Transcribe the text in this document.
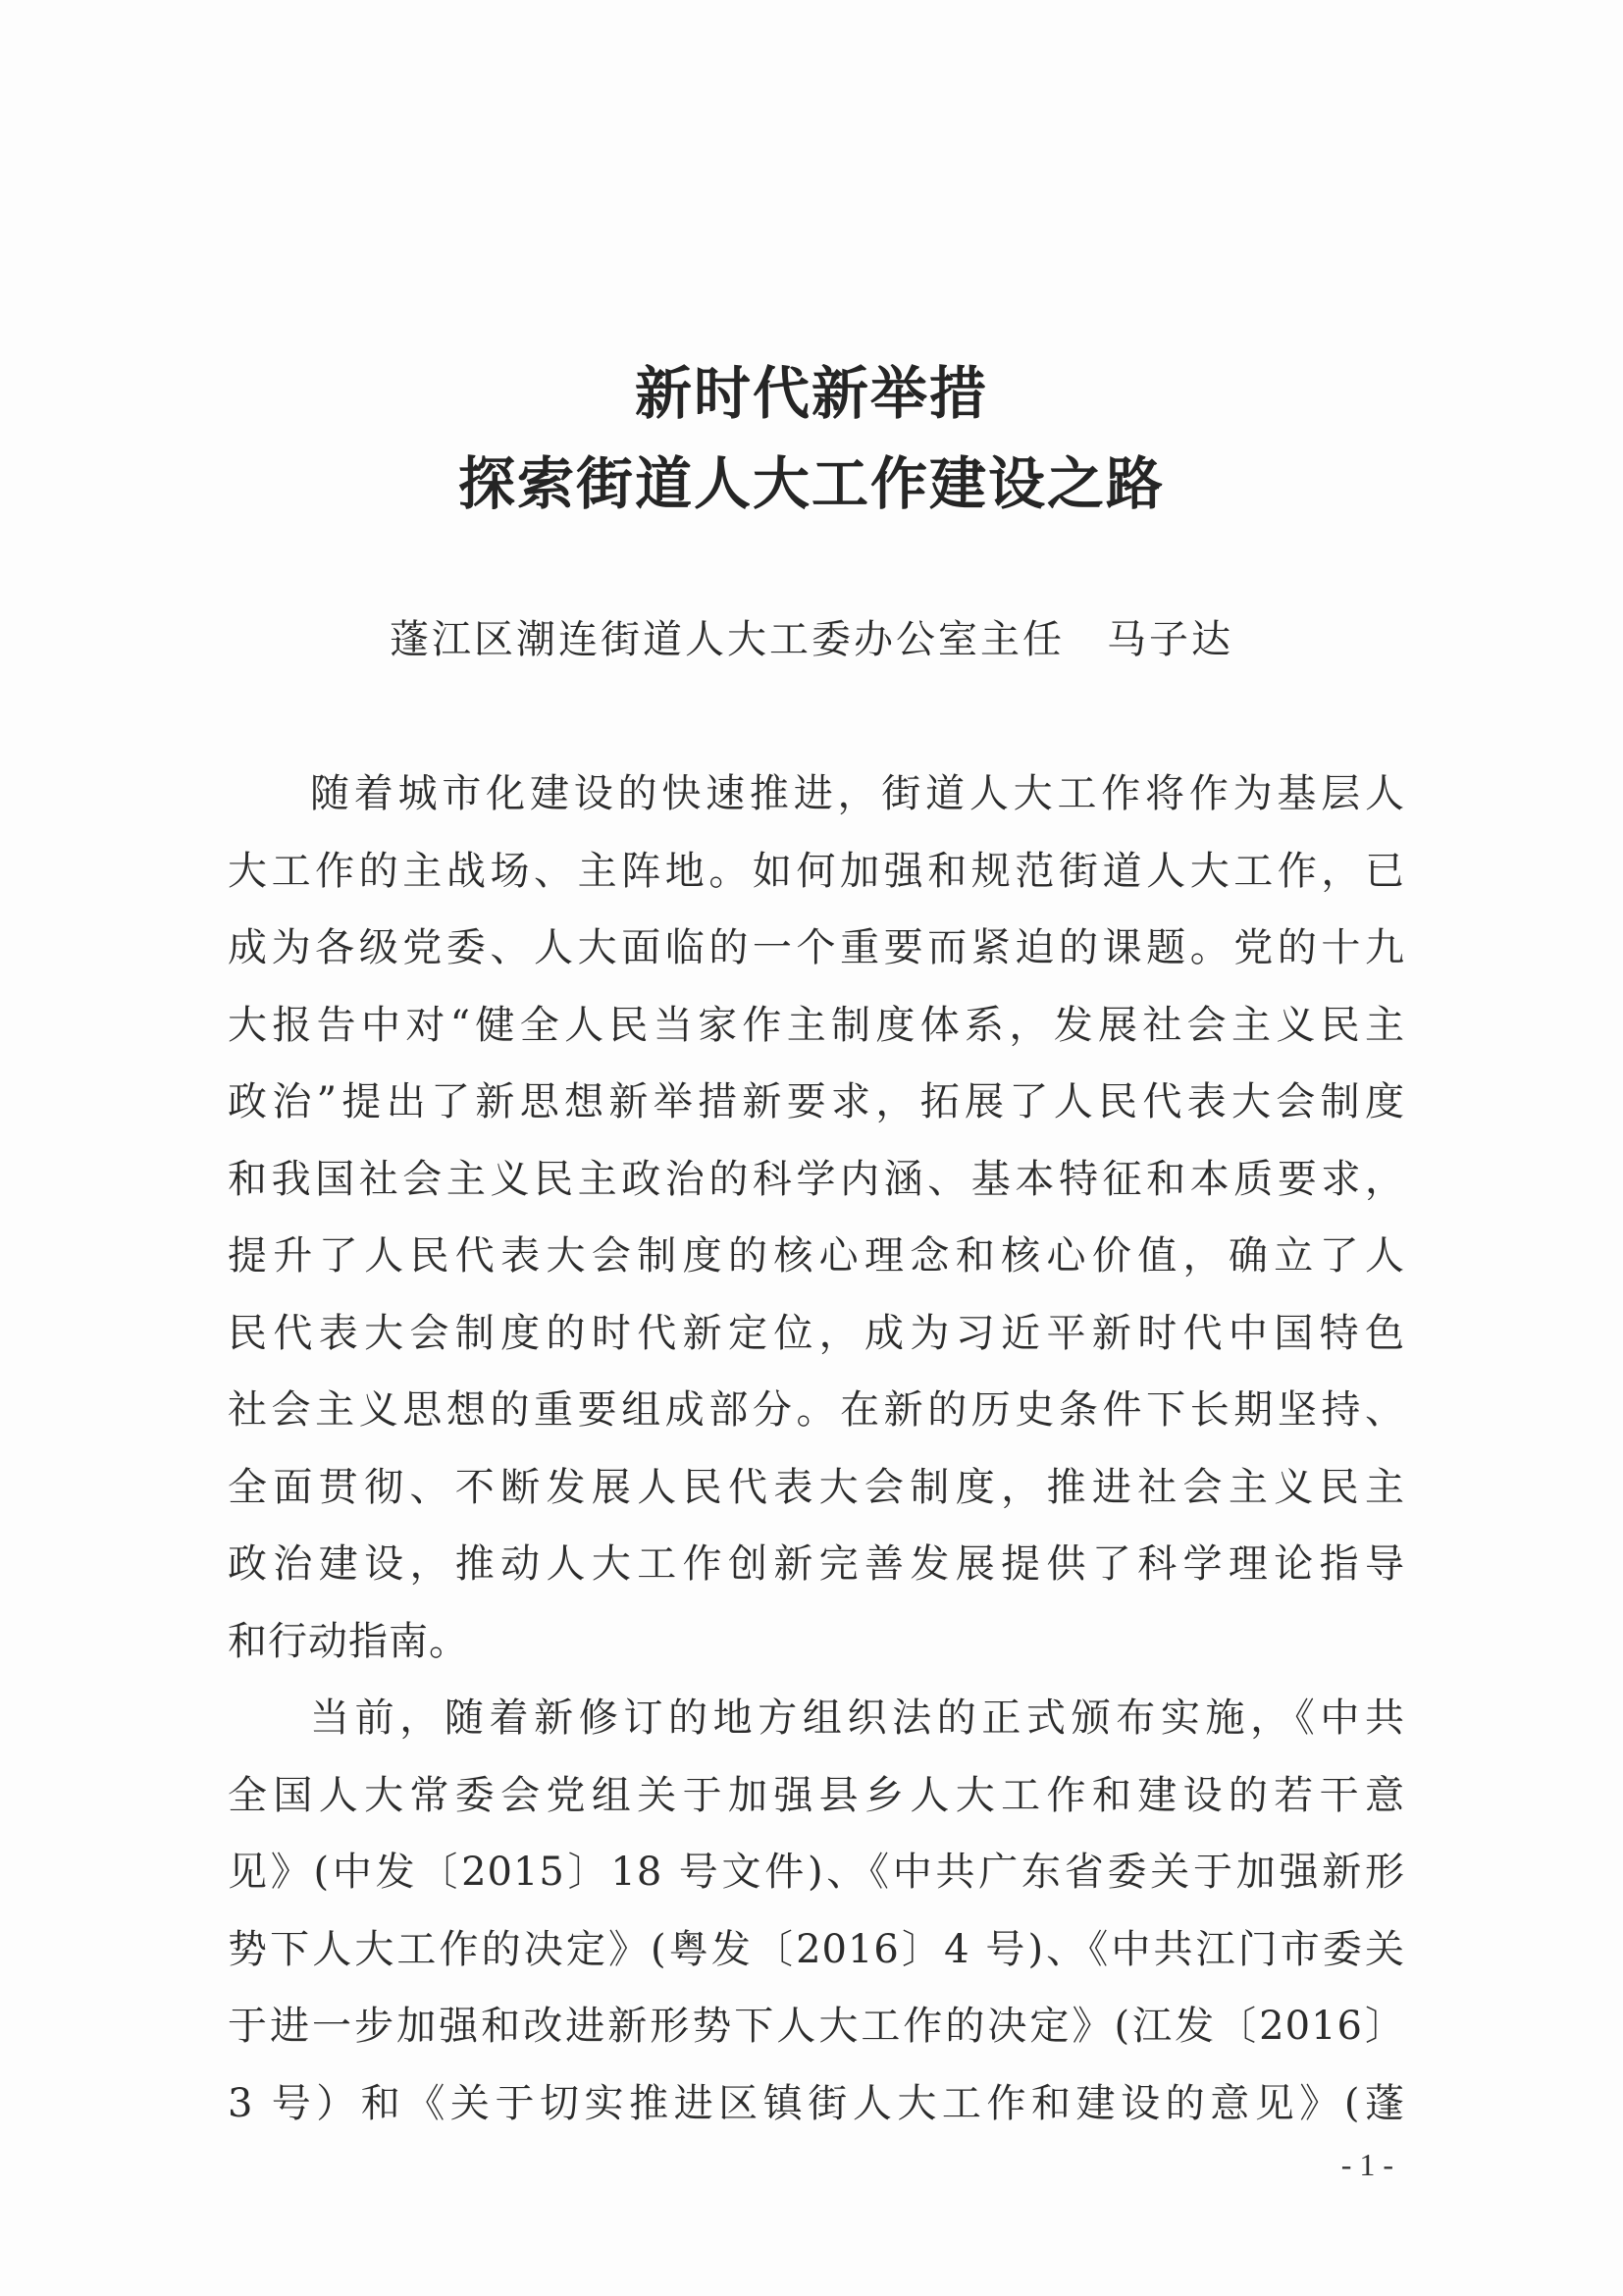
新时代新举措
探索街道人大工作建设之路
蓬江区潮连街道人大工委办公室主任　马子达
随着城市化建设的快速推进，街道人大工作将作为基层人
大工作的主战场、主阵地。如何加强和规范街道人大工作，已
成为各级党委、人大面临的一个重要而紧迫的课题。党的十九
大报告中对“健全人民当家作主制度体系，发展社会主义民主
政治”提出了新思想新举措新要求，拓展了人民代表大会制度
和我国社会主义民主政治的科学内涵、基本特征和本质要求，
提升了人民代表大会制度的核心理念和核心价值，确立了人
民代表大会制度的时代新定位，成为习近平新时代中国特色
社会主义思想的重要组成部分。在新的历史条件下长期坚持、
全面贯彻、不断发展人民代表大会制度，推进社会主义民主
政治建设，推动人大工作创新完善发展提供了科学理论指导
和行动指南。
当前，随着新修订的地方组织法的正式颁布实施，《中共
全国人大常委会党组关于加强县乡人大工作和建设的若干意
见》(中发〔2015〕18 号文件)、《中共广东省委关于加强新形
势下人大工作的决定》(粤发〔2016〕4 号)、《中共江门市委关
于进一步加强和改进新形势下人大工作的决定》(江发〔2016〕
3 号）和《关于切实推进区镇街人大工作和建设的意见》(蓬
- 1 -
